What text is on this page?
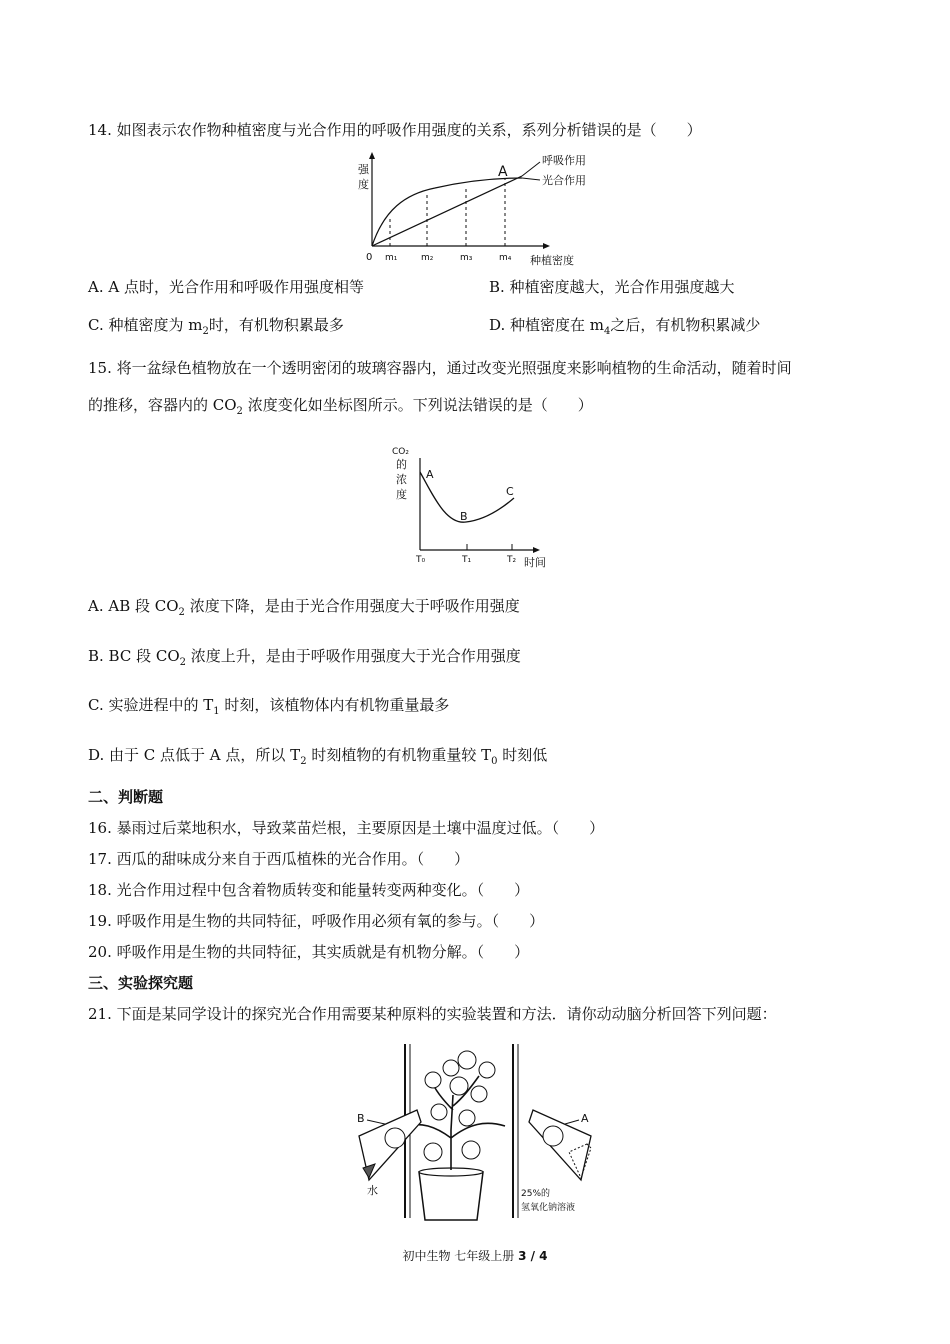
14. 如图表示农作物种植密度与光合作用的呼吸作用强度的关系，系列分析错误的是（　　）
强
度
0 m₁	m₂	m₃	m₄ 种植密度
A
呼吸作用
光合作用
A. A 点时，光合作用和呼吸作用强度相等	B. 种植密度越大，光合作用强度越大
C. 种植密度为 $m_2$时，有机物积累最多	D. 种植密度在 $m_4$之后，有机物积累减少
15. 将一盆绿色植物放在一个透明密闭的玻璃容器内，通过改变光照强度来影响植物的生命活动，随着时间
的推移，容器内的 $CO_2$ 浓度变化如坐标图所示。下列说法错误的是（　　）
CO₂
的
浓
度
A
B
C
T₀	T₁	T₂ 时间
A. AB 段 $CO_2$ 浓度下降，是由于光合作用强度大于呼吸作用强度
B. BC 段 $CO_2$ 浓度上升，是由于呼吸作用强度大于光合作用强度
C. 实验进程中的 $T_1$ 时刻，该植物体内有机物重量最多
D. 由于 C 点低于 A 点，所以 $T_2$ 时刻植物的有机物重量较 $T_0$ 时刻低
二、判断题
16. 暴雨过后菜地积水，导致菜苗烂根，主要原因是土壤中温度过低。（　　）
17. 西瓜的甜味成分来自于西瓜植株的光合作用。（　　）
18. 光合作用过程中包含着物质转变和能量转变两种变化。（　　）
19. 呼吸作用是生物的共同特征，呼吸作用必须有氧的参与。（　　）
20. 呼吸作用是生物的共同特征，其实质就是有机物分解。（　　）
三、实验探究题
21. 下面是某同学设计的探究光合作用需要某种原料的实验装置和方法．请你动动脑分析回答下列问题：
B	A
水	25%的
氢氧化钠溶液
初中生物 七年级上册 3 / 4
